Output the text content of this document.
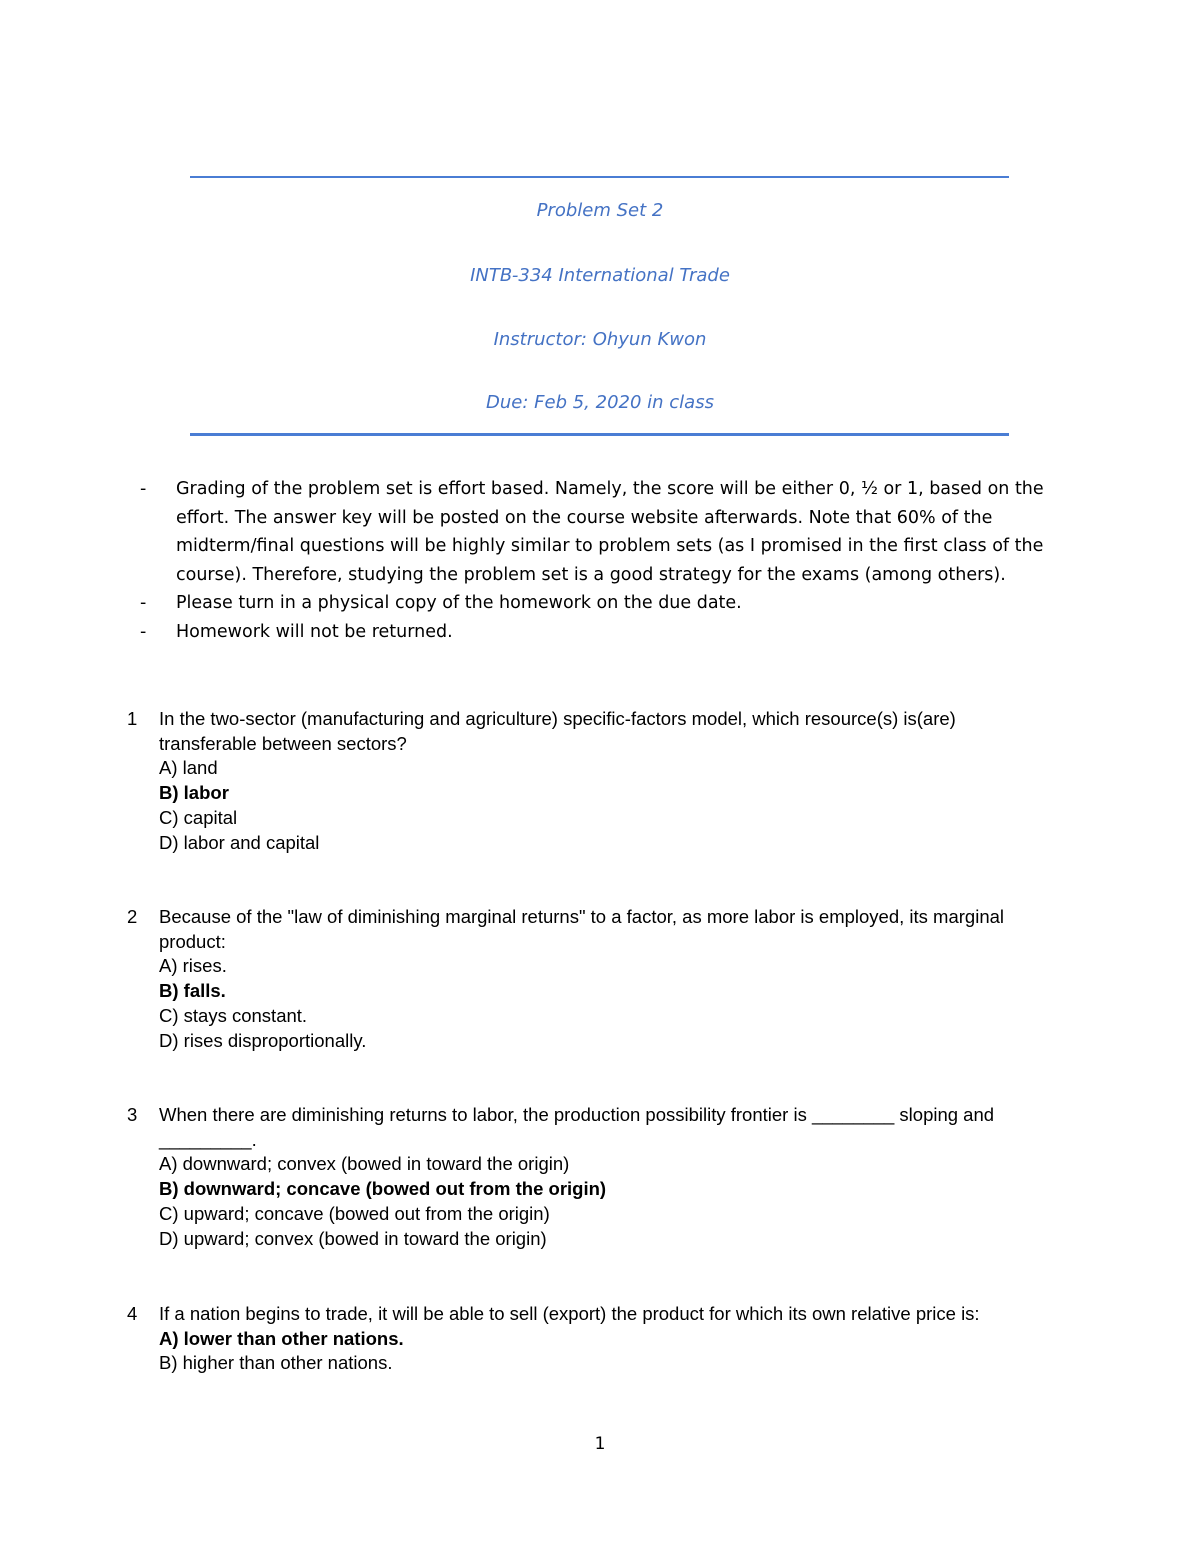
Problem Set 2
INTB-334 International Trade
Instructor: Ohyun Kwon
Due: Feb 5, 2020 in class
- Grading of the problem set is effort based. Namely, the score will be either 0, ½ or 1, based on the effort. The answer key will be posted on the course website afterwards. Note that 60% of the midterm/final questions will be highly similar to problem sets (as I promised in the first class of the course). Therefore, studying the problem set is a good strategy for the exams (among others).
- Please turn in a physical copy of the homework on the due date.
- Homework will not be returned.
1 In the two-sector (manufacturing and agriculture) specific-factors model, which resource(s) is(are) transferable between sectors?
A) land
B) labor
C) capital
D) labor and capital
2 Because of the "law of diminishing marginal returns" to a factor, as more labor is employed, its marginal product:
A) rises.
B) falls.
C) stays constant.
D) rises disproportionally.
3 When there are diminishing returns to labor, the production possibility frontier is ________ sloping and _________.
A) downward; convex (bowed in toward the origin)
B) downward; concave (bowed out from the origin)
C) upward; concave (bowed out from the origin)
D) upward; convex (bowed in toward the origin)
4 If a nation begins to trade, it will be able to sell (export) the product for which its own relative price is:
A) lower than other nations.
B) higher than other nations.
1
